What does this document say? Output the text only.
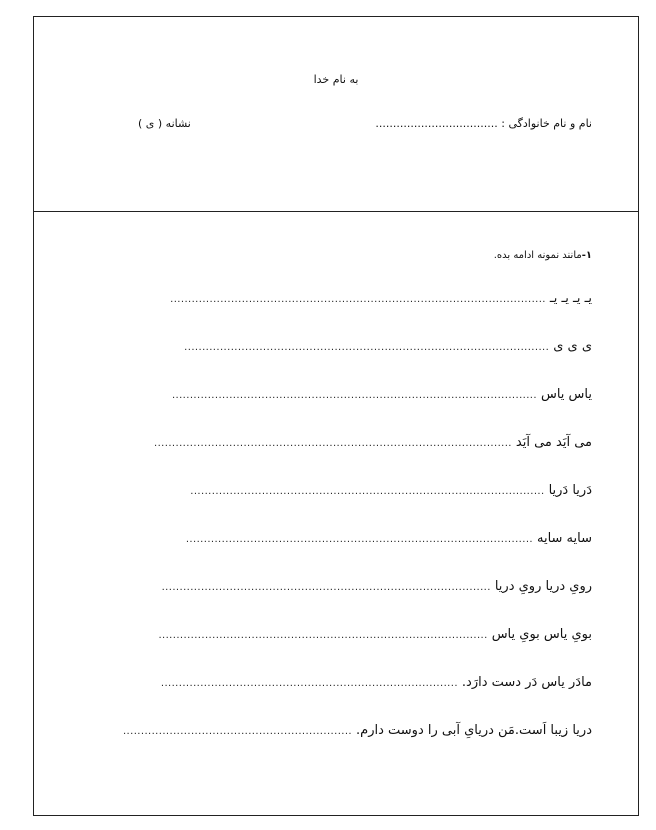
به نام خدا
نام و نام خانوادگی : ...................................
نشانه ( ی )
۱-مانند نمونه ادامه بده.
یـ یـ یـ یـ
.........................................................................................................
ی ی ی
......................................................................................................
یاس یاس
......................................................................................................
می آیَد می آیَد
....................................................................................................
دَریا دَریا
...................................................................................................
سایه سایه
.................................................................................................
رویِ دریا رویِ دریا
............................................................................................
بویِ یاس بویِ یاس
............................................................................................
مادَر یاس دَر دست دارَد.
...................................................................................
دریا زیبا اَست.مَن دریایِ آبی را دوست دارم.
................................................................
